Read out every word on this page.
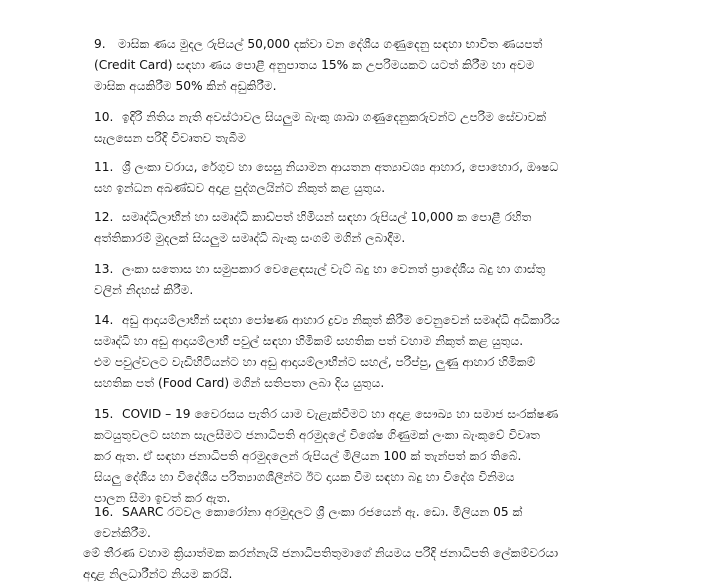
9.	මාසික ණය මුදල රුපියල් 50,000 දක්වා වන දේශීය ගණුදෙනු සඳහා භාවිත ණයපත්
(Credit Card) සඳහා ණය පොළී අනුපාතය 15% ක උපරිමයකට යටත් කිරීම හා අවම
මාසික අයකිරීම 50% කින් අඩුකිරීම.
10. ඉදිරි නිතිය නැති අවස්ථාවල සියලුම බැංකු ශාඛා ගණුදෙනුකරුවන්ට උපරිම සේවාවක්
සැලසෙන පරිදි විවෘතව තැබීම
11. ශ්‍රී ලංකා වරාය, රේගුව හා සෙසු නියාමන ආයතන අත්‍යාවශ්‍ය ආහාර, පොහොර, ඖෂධ
සහ ඉන්ධන අඛණ්ඩව අදාළ පුද්ගලයින්ට නිකුත් කළ යුතුය.
12. සමෘද්ධිලාභීන් හා සමෘද්ධි කාඩ්පත් හිමියන් සඳහා රුපියල් 10,000 ක පොළී රහිත
අත්තිකාරම් මුදලක් සියලුම සමෘද්ධි බැංකු සංගම් මගින් ලබාදීම.
13. ලංකා සතොස හා සමුපකාර වෙළෙඳසැල් වැට් බදු හා වෙනත් ප්‍රාදේශීය බදු හා ගාස්තු
වලින් නිදහස් කිරීම.
14. අඩු ආදායම්ලාභීන් සඳහා පෝෂණ ආහාර ද්‍රව්‍ය නිකුත් කිරීම වෙනුවෙන් සමෘද්ධි අධිකාරිය
සමෘද්ධි හා අඩු ආදායම්ලාභී පවුල් සඳහා හිමිකම් සහතික පත් වහාම නිකුත් කළ යුතුය.
එම පවුල්වලට වැඩිහිටියන්ට හා අඩු ආදායම්ලාභීන්ට සහල්, පරිප්පු, ලුණු ආහාර හිමිකම්
සහතික පත් (Food Card) මගින් සතිපතා ලබා දිය යුතුය.
15. COVID – 19 වෛරසය පැතිර යාම වැළැක්වීමට හා අදාළ සෞඛ්‍ය හා සමාජ සංරක්ෂණ
කටයුතුවලට සහන සැලසීමට ජනාධිපති අරමුදලේ විශේෂ ගිණුමක් ලංකා බැංකුවේ විවෘත
කර ඇත. ඒ සඳහා ජනාධිපති අරමුදලෙන් රුපියල් මිලියන 100 ක් තැන්පත් කර තිබේ.
සියලු දේශීය හා විදේශීය පරිත්‍යාගශීලීන්ට ඊට දායක වීම සඳහා බදු හා විදේශ විනිමය
පාලන සීමා ඉවත් කර ඇත.
16. SAARC රටවල කොරෝනා අරමුදලට ශ්‍රී ලංකා රජයෙන් ඇ. ඩො. මිලියන 05 ක්
වෙන්කිරීම.
මේ තීරණ වහාම ක්‍රියාත්මක කරන්නැයි ජනාධිපතිතුමාගේ නියමය පරිදි ජනාධිපති ලේකම්වරයා
අදාළ නිලධාරීන්ට නියම කරයි.
